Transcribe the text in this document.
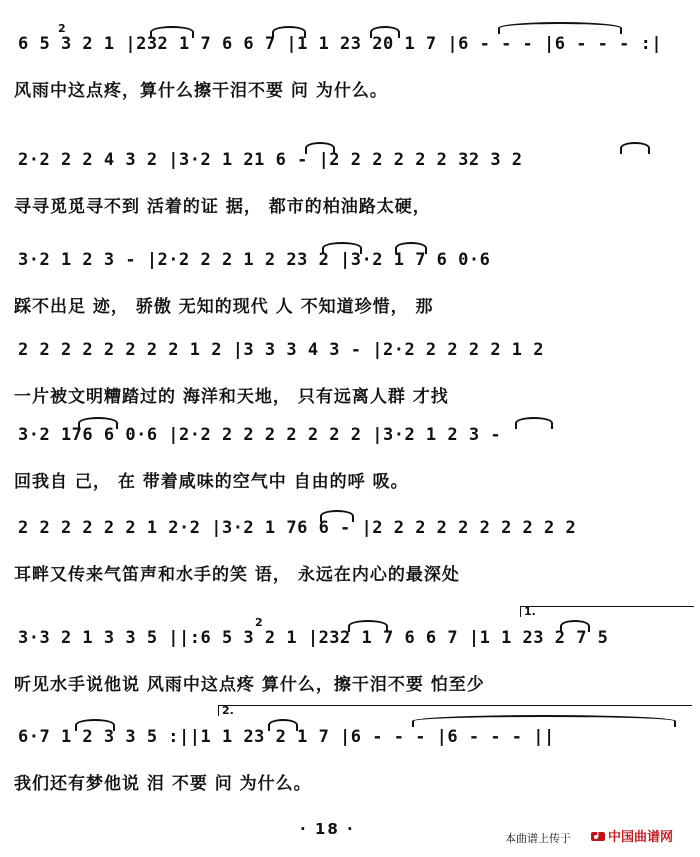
2
6 5 3 2 1 |232 1 7 6 6 7 |1 1 23 20 1 7 |6 - - - |6 - - - :|
风雨中这点疼，算什么擦干泪不要 问 为什么。
2·2 2 2 4 3 2 |3·2 1 21 6 - |2 2 2 2 2 2 32 3 2
寻寻觅觅寻不到 活着的证 据， 都市的柏油路太硬，
3·2 1 2 3 - |2·2 2 2 1 2 23 2 |3·2 1 7 6 0·6
踩不出足 迹， 骄傲 无知的现代 人 不知道珍惜， 那
2 2 2 2 2 2 2 2 1 2 |3 3 3 4 3 - |2·2 2 2 2 2 1 2
一片被文明糟踏过的 海洋和天地， 只有远离人群 才找
3·2 176 6 0·6 |2·2 2 2 2 2 2 2 2 |3·2 1 2 3 -
回我自 己， 在 带着咸味的空气中 自由的呼 吸。
2 2 2 2 2 2 1 2·2 |3·2 1 76 6 - |2 2 2 2 2 2 2 2 2 2
耳畔又传来气笛声和水手的笑 语， 永远在内心的最深处
1.
2
3·3 2 1 3 3 5 ||:6 5 3 2 1 |232 1 7 6 6 7 |1 1 23 2 7 5
听见水手说他说 风雨中这点疼 算什么，擦干泪不要 怕至少
2.
6·7 1 2 3 3 5 :||1 1 23 2 1 7 |6 - - - |6 - - - ||
我们还有梦他说 泪 不要 问 为什么。
· 18 ·
本曲谱上传于	中国曲谱网
